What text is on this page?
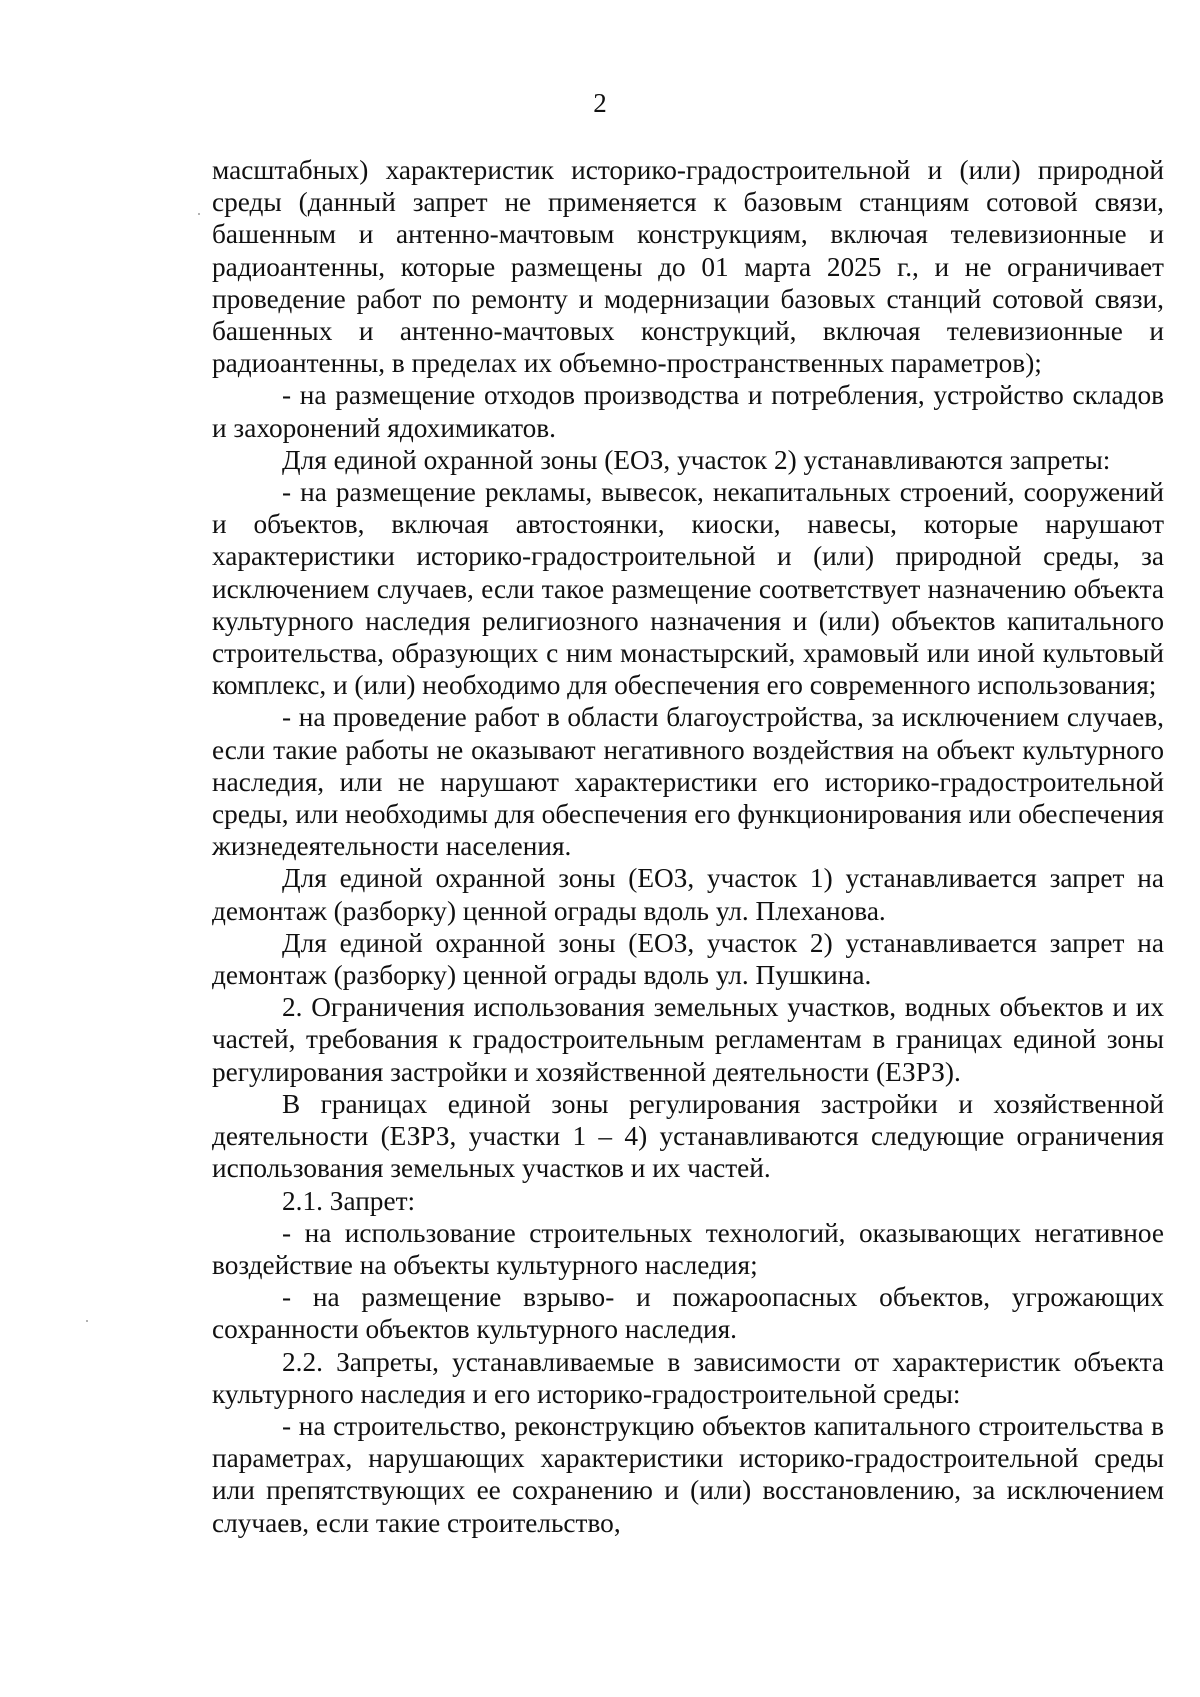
2

масштабных) характеристик историко-градостроительной и (или) природной среды (данный запрет не применяется к базовым станциям сотовой связи, башенным и антенно-мачтовым конструкциям, включая телевизионные и радиоантенны, которые размещены до 01 марта 2025 г., и не ограничивает проведение работ по ремонту и модернизации базовых станций сотовой связи, башенных и антенно-мачтовых конструкций, включая телевизионные и радиоантенны, в пределах их объемно-пространственных параметров);

- на размещение отходов производства и потребления, устройство складов и захоронений ядохимикатов.

Для единой охранной зоны (ЕОЗ, участок 2) устанавливаются запреты:

- на размещение рекламы, вывесок, некапитальных строений, сооружений и объектов, включая автостоянки, киоски, навесы, которые нарушают характеристики историко-градостроительной и (или) природной среды, за исключением случаев, если такое размещение соответствует назначению объекта культурного наследия религиозного назначения и (или) объектов капитального строительства, образующих с ним монастырский, храмовый или иной культовый комплекс, и (или) необходимо для обеспечения его современного использования;

- на проведение работ в области благоустройства, за исключением случаев, если такие работы не оказывают негативного воздействия на объект культурного наследия, или не нарушают характеристики его историко-градостроительной среды, или необходимы для обеспечения его функционирования или обеспечения жизнедеятельности населения.

Для единой охранной зоны (ЕОЗ, участок 1) устанавливается запрет на демонтаж (разборку) ценной ограды вдоль ул. Плеханова.

Для единой охранной зоны (ЕОЗ, участок 2) устанавливается запрет на демонтаж (разборку) ценной ограды вдоль ул. Пушкина.

2. Ограничения использования земельных участков, водных объектов и их частей, требования к градостроительным регламентам в границах единой зоны регулирования застройки и хозяйственной деятельности (ЕЗРЗ).

В границах единой зоны регулирования застройки и хозяйственной деятельности (ЕЗРЗ, участки 1 – 4) устанавливаются следующие ограничения использования земельных участков и их частей.

2.1. Запрет:

- на использование строительных технологий, оказывающих негативное воздействие на объекты культурного наследия;

- на размещение взрыво- и пожароопасных объектов, угрожающих сохранности объектов культурного наследия.

2.2. Запреты, устанавливаемые в зависимости от характеристик объекта культурного наследия и его историко-градостроительной среды:

- на строительство, реконструкцию объектов капитального строительства в параметрах, нарушающих характеристики историко-градостроительной среды или препятствующих ее сохранению и (или) восстановлению, за исключением случаев, если такие строительство,
